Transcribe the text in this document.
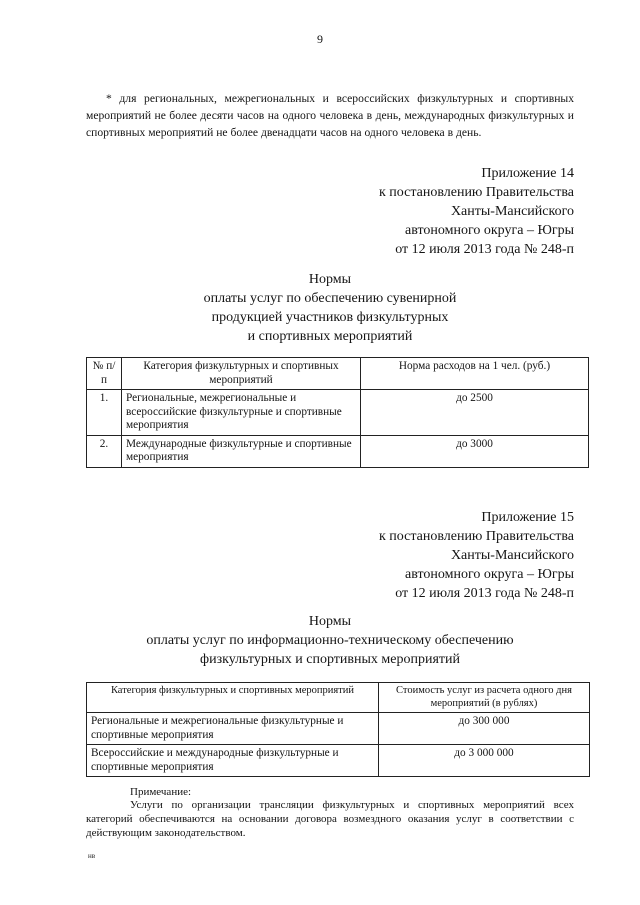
9
* для региональных, межрегиональных и всероссийских физкультурных и спортивных мероприятий не более десяти часов на одного человека в день, международных физкультурных и спортивных мероприятий не более двенадцати часов на одного человека в день.
Приложение 14
к постановлению Правительства
Ханты-Мансийского
автономного округа – Югры
от 12 июля 2013 года № 248-п
Нормы
оплаты услуг по обеспечению сувенирной
продукцией участников физкультурных
и спортивных мероприятий
№ п/п	Категория физкультурных и спортивных мероприятий	Норма расходов на 1 чел. (руб.)
1.	Региональные, межрегиональные и всероссийские физкультурные и спортивные мероприятия	до 2500
2.	Международные физкультурные и спортивные мероприятия	до 3000
Приложение 15
к постановлению Правительства
Ханты-Мансийского
автономного округа – Югры
от 12 июля 2013 года № 248-п
Нормы
оплаты услуг по информационно-техническому обеспечению
физкультурных и спортивных мероприятий
Категория физкультурных и спортивных мероприятий	Стоимость услуг из расчета одного дня мероприятий (в рублях)
Региональные и межрегиональные физкультурные и спортивные мероприятия	до 300 000
Всероссийские и международные физкультурные и спортивные мероприятия	до 3 000 000
Примечание:
Услуги по организации трансляции физкультурных и спортивных мероприятий всех категорий обеспечиваются на основании договора возмездного оказания услуг в соответствии с действующим законодательством.
нв
